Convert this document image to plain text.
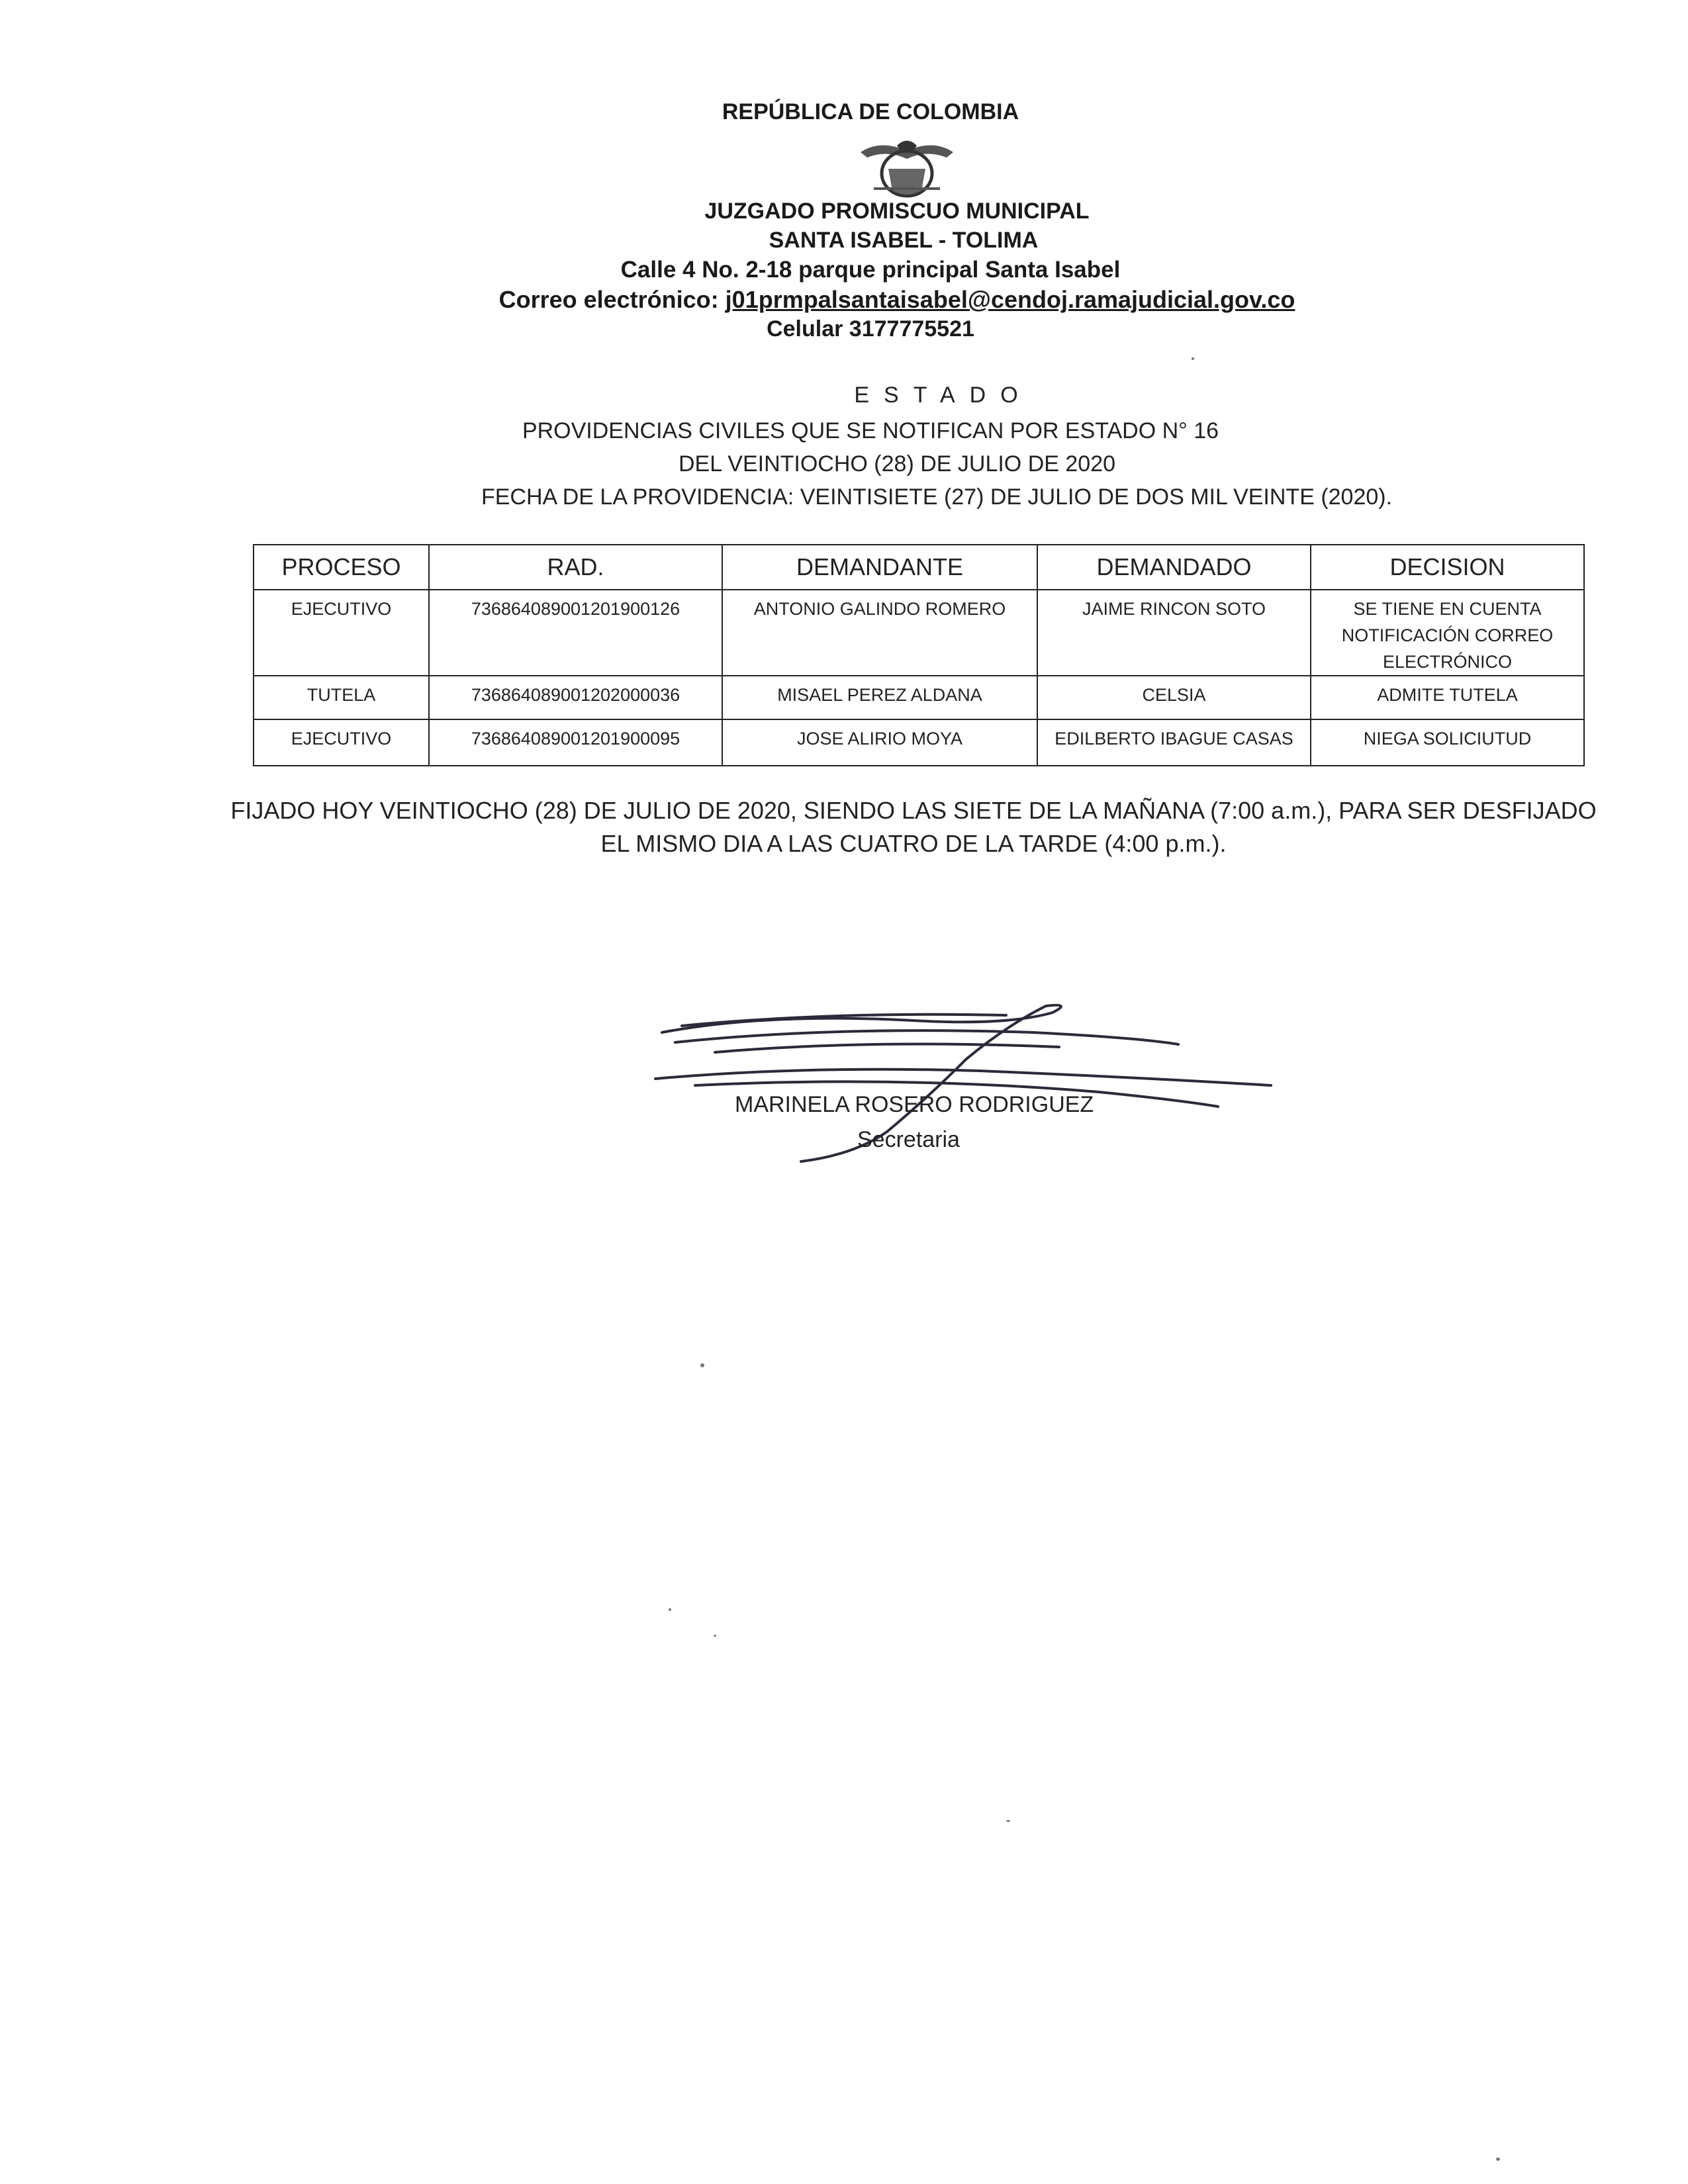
REPÚBLICA DE COLOMBIA
JUZGADO PROMISCUO MUNICIPAL
SANTA ISABEL - TOLIMA
Calle 4 No. 2-18 parque principal Santa Isabel
Correo electrónico: j01prmpalsantaisabel@cendoj.ramajudicial.gov.co
Celular 3177775521
ESTADO
PROVIDENCIAS CIVILES QUE SE NOTIFICAN POR ESTADO N° 16
DEL VEINTIOCHO (28) DE JULIO DE 2020
FECHA DE LA PROVIDENCIA: VEINTISIETE (27) DE JULIO DE DOS MIL VEINTE (2020).
PROCESO	RAD.	DEMANDANTE	DEMANDADO	DECISION
EJECUTIVO	73686408900120190012​6	ANTONIO GALINDO ROMERO	JAIME RINCON SOTO	SE TIENE EN CUENTA NOTIFICACIÓN CORREO ELECTRÓNICO
TUTELA	73686408900120200003​6	MISAEL PEREZ ALDANA	CELSIA	ADMITE TUTELA
EJECUTIVO	73686408900120190009​5	JOSE ALIRIO MOYA	EDILBERTO IBAGUE CASAS	NIEGA SOLICIUTUD
FIJADO HOY VEINTIOCHO (28) DE JULIO DE 2020, SIENDO LAS SIETE DE LA MAÑANA (7:00 a.m.), PARA SER DESFIJADO
EL MISMO DIA A LAS CUATRO DE LA TARDE (4:00 p.m.).
MARINELA ROSERO RODRIGUEZ
Secretaria
